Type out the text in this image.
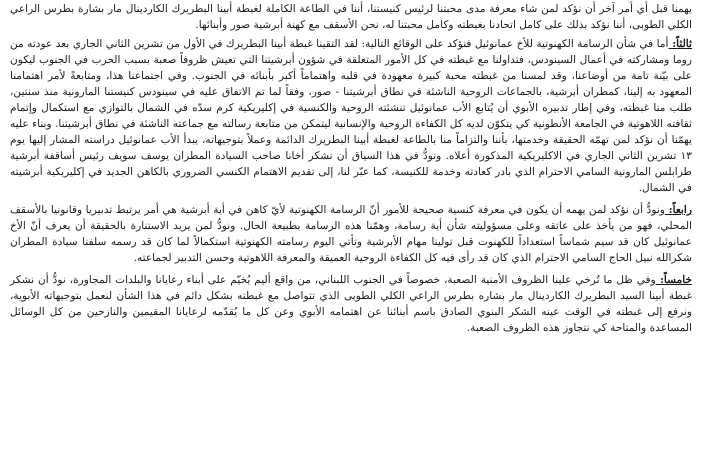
يهمنا قبل أي أمر آخر أن نؤكد لمن شاء معرفة مدى محبتنا لرئيس كنيستنا، أننا في الطاعة الكاملة لغبطة أبينا البطريرك الكاردينال مار بشارة بطرس الراعي الكلي الطوبى، أننا نؤكد بذلك على كامل اتحادنا بغبطته وكامل محبتنا له، نحن الأسقف مع كهنة أبرشية صور وأبنائها.

ثالثاً: أما في شأن الرسامة الكهنوتية للأخ عمانوئيل فنؤكد على الوقائع التالية: لقد التقينا غبطة أبينا البطريرك في الأول من تشرين الثاني الجاري بعد عودته من روما ومشاركته في أعمال السينودس، فتداولنا مع غبطته في كل الأمور المتعلقة في شؤون أبرشيتنا التي تعيش ظروفاً صعبة بسبب الحرب في الجنوب ليكون على بيّنة تامة من أوضاعنا، وقد لمسنا من غبطته محبة كبيرة معهودة في قلبه واهتماماً أكبر بأبنائه في الجنوب. وفي اجتماعنا هذا، ومتابعةً لأمر اهتمامنا المعهود به إلينا، كمطران أبرشية، بالجماعات الروحية الناشئة في نطاق أبرشيتنا - صور، وفقاً لما تم الاتفاق عليه في سينودس كنيستنا المارونية منذ سنتين، طلب منا غبطته، وفي إطار تدبيره الأبوي أن يُتابع الأب عمانوئيل تنشئته الروحية والكنسية في إكليريكية كرم سدّه في الشمال بالتوازي مع استكمال وإتمام ثقافته اللاهوتية في الجامعة الأنطونية كي يتكوّن لديه كل الكفاءة الروحية والإنسانية ليتمكن من متابعة رسالته مع جماعته الناشئة في نطاق أبرشيتنا. وبناء عليه يهمّنا أن نؤكد لمن تهمّه الحقيقة وخدمتها، بأننا والتزاماً منا بالطاعة لغبطة أبينا البطريرك الدائمة وعملاً بتوجيهاته، يبدأ الأب عمانوئيل دراسته المشار إليها يوم ١٣ تشرين الثاني الجاري في الاكليريكية المذكورة أعلاه. ونودُّ في هذا السياق أن نشكر أخانا صاحب السيادة المطران يوسف سويف رئيس أساقفة أبرشية طرابلس المارونية السامي الاحترام الذي بادر كعادته وخدمة للكنيسة، كما عبّر لنا، إلى تقديم الاهتمام الكنسي الضروري بالكاهن الجديد في إكليريكية أبرشيته في الشمال.

رابعاً: ونودُّ أن نؤكد لمن يهمه أن يكون في معرفة كنسية صحيحة للأمور أنّ الرسامة الكهنوتية لأيّ كاهن في أية أبرشية هي أمر يرتبط تدبيريا وقانونيا بالأسقف المحلي، فهو من يأخذ على عاتقه وعلى مسؤوليته شأن أية رسامة، وهمّنا هذه الرسامة بطبيعة الحال. ونودُّ لمن يريد الاستنارة بالحقيقة أن يعرف أنّ الأخ عمانوئيل كان قد سيم شماساً استعداداً للكهنوت قبل تولينا مهام الأبرشية وتأتي اليوم رسامته الكهنوتية استكمالاً لما كان قد رسمه سلفنا سيادة المطران شكرالله نبيل الحاج السامي الاحترام الذي كان قد رأى فيه كل الكفاءة الروحية العميقة والمعرفة اللاهوتية وحسن التدبير لجماعته.

خامساً: وفي ظل ما تُرخي علينا الظروف الأمنية الصعبة، خصوصاً في الجنوب اللبناني، من واقع أليم يُخيّم على أبناء رعايانا والبلدات المجاورة، نودُّ أن نشكر غبطة أبينا السيد البطريرك الكاردينال مار بشاره بطرس الراعي الكلي الطوبى الذي تتواصل مع غبطته بشكل دائم في هذا الشأن لنعمل بتوجيهاته الأبوية، ونرفع إلى غبطته في الوقت عينه الشكر البنوي الصادق باسم أبنائنا عن اهتمامه الأبوي وعن كل ما يُقدّمه لرعايانا المقيمين والنازحين من كل الوسائل المساعدة والمتاحة كي نتجاوز هذه الظروف الصعبة.
